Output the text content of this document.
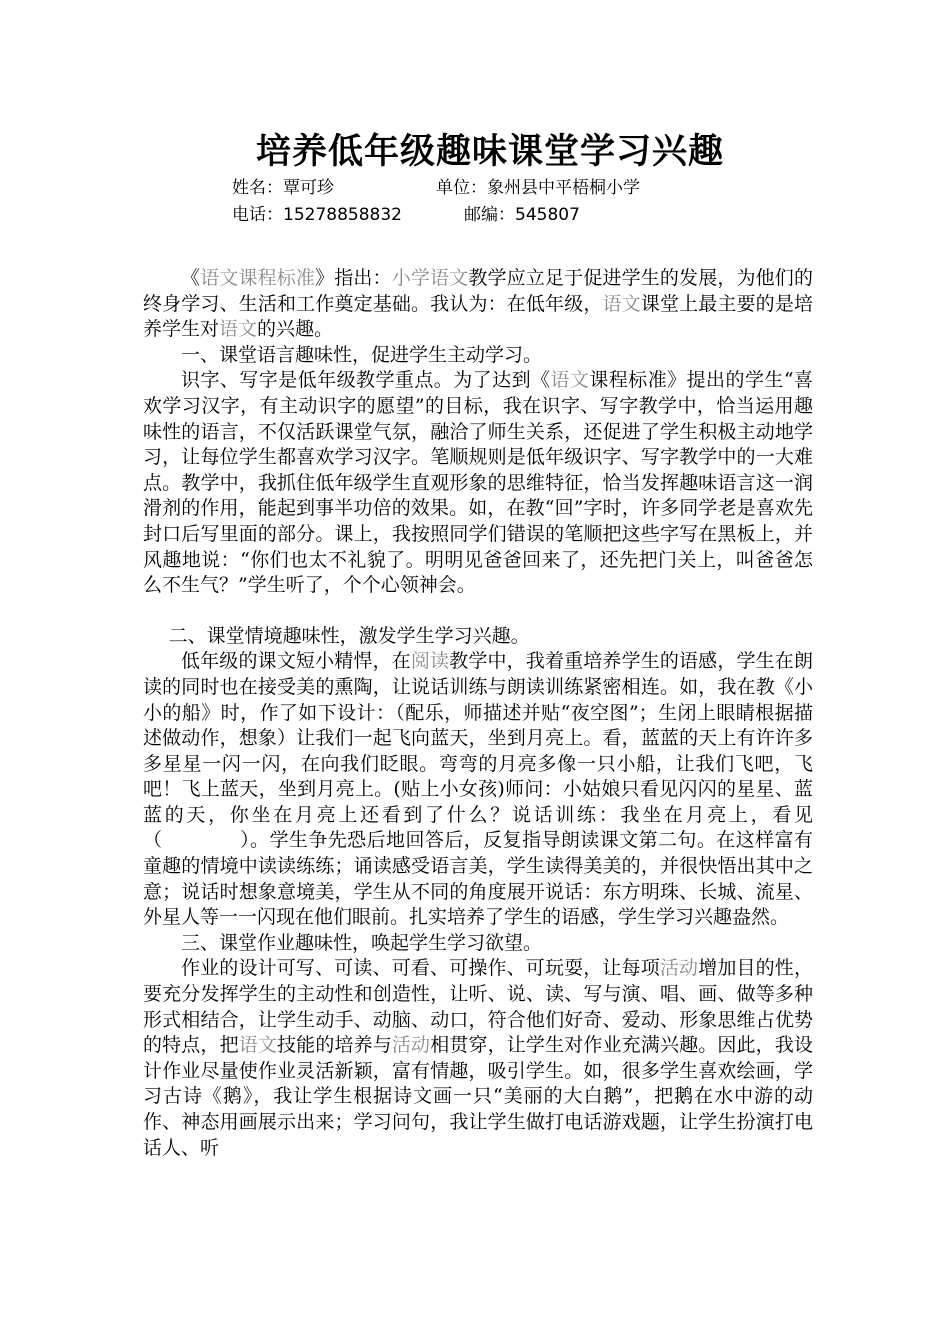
培养低年级趣味课堂学习兴趣
姓名：覃可珍	单位：象州县中平梧桐小学
电话：15278858832	邮编：545807

《语文课程标准》指出：小学语文教学应立足于促进学生的发展，为他们的终身学习、生活和工作奠定基础。我认为：在低年级，语文课堂上最主要的是培养学生对语文的兴趣。

一、课堂语言趣味性，促进学生主动学习。

识字、写字是低年级教学重点。为了达到《语文课程标准》提出的学生“喜欢学习汉字，有主动识字的愿望”的目标，我在识字、写字教学中，恰当运用趣味性的语言，不仅活跃课堂气氛，融洽了师生关系，还促进了学生积极主动地学习，让每位学生都喜欢学习汉字。笔顺规则是低年级识字、写字教学中的一大难点。教学中，我抓住低年级学生直观形象的思维特征，恰当发挥趣味语言这一润滑剂的作用，能起到事半功倍的效果。如，在教“回”字时，许多同学老是喜欢先封口后写里面的部分。课上，我按照同学们错误的笔顺把这些字写在黑板上，并风趣地说：“你们也太不礼貌了。明明见爸爸回来了，还先把门关上，叫爸爸怎么不生气？”学生听了，个个心领神会。

二、课堂情境趣味性，激发学生学习兴趣。

低年级的课文短小精悍，在阅读教学中，我着重培养学生的语感，学生在朗读的同时也在接受美的熏陶，让说话训练与朗读训练紧密相连。如，我在教《小小的船》时，作了如下设计：（配乐，师描述并贴“夜空图”；生闭上眼睛根据描述做动作，想象）让我们一起飞向蓝天，坐到月亮上。看，蓝蓝的天上有许许多多星星一闪一闪，在向我们眨眼。弯弯的月亮多像一只小船，让我们飞吧，飞吧！飞上蓝天，坐到月亮上。(贴上小女孩)师问：小姑娘只看见闪闪的星星、蓝蓝的天，你坐在月亮上还看到了什么？说话训练：我坐在月亮上，看见（　　　　）。学生争先恐后地回答后，反复指导朗读课文第二句。在这样富有童趣的情境中读读练练；诵读感受语言美，学生读得美美的，并很快悟出其中之意；说话时想象意境美，学生从不同的角度展开说话：东方明珠、长城、流星、外星人等一一闪现在他们眼前。扎实培养了学生的语感，学生学习兴趣盎然。

三、课堂作业趣味性，唤起学生学习欲望。

作业的设计可写、可读、可看、可操作、可玩耍，让每项活动增加目的性，要充分发挥学生的主动性和创造性，让听、说、读、写与演、唱、画、做等多种形式相结合，让学生动手、动脑、动口，符合他们好奇、爱动、形象思维占优势的特点，把语文技能的培养与活动相贯穿，让学生对作业充满兴趣。因此，我设计作业尽量使作业灵活新颖，富有情趣，吸引学生。如，很多学生喜欢绘画，学习古诗《鹅》，我让学生根据诗文画一只“美丽的大白鹅”，把鹅在水中游的动作、神态用画展示出来；学习问句，我让学生做打电话游戏题，让学生扮演打电话人、听
